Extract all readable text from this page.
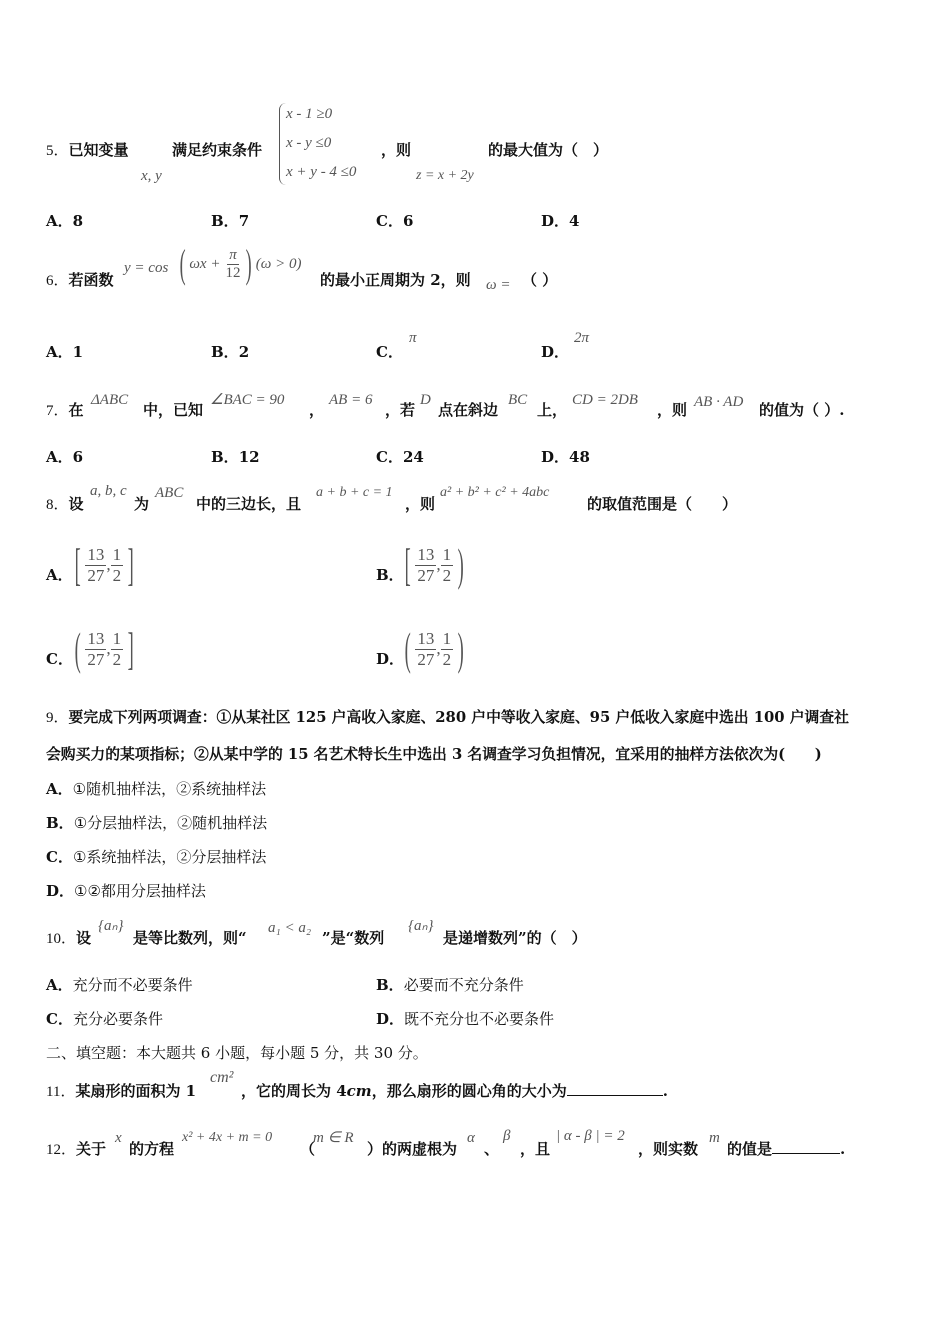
5．已知变量
x, y
满足约束条件
x - 1 ≥0
x - y ≤0
x + y - 4 ≤0
，则
z = x + 2y
的最大值为（　）
A．8	B．7	C．6	D．4
6．若函数
y = cos ( $\omega x + \frac{\pi}{12}$ ) (ω > 0)
的最小正周期为 2，则 ω = （ ）
A．1	B．2	C．
π
D．
2π
7．在
ΔABC
中，已知
∠BAC = 90
，
AB = 6
，若
D
点在斜边
BC
上，
CD = 2DB
，则 AB · AD 的值为（ ）.
A．6	B．12	C．24	D．48
8．设
a, b, c
为
ABC
中的三边长，且
a + b + c = 1
，则
a² + b² + c² + 4abc
的取值范围是（　　）
A． [ $\frac{13}{27}$ , $\frac{1}{2}$ ]	B． [ $\frac{13}{27}$ , $\frac{1}{2}$ )
C． ( $\frac{13}{27}$ , $\frac{1}{2}$ ]	D． ( $\frac{13}{27}$ , $\frac{1}{2}$ )
9．要完成下列两项调查：①从某社区 125 户高收入家庭、280 户中等收入家庭、95 户低收入家庭中选出 100 户调查社
会购买力的某项指标；②从某中学的 15 名艺术特长生中选出 3 名调查学习负担情况，宜采用的抽样方法依次为(　　)
A．①随机抽样法，②系统抽样法
B．①分层抽样法，②随机抽样法
C．①系统抽样法，②分层抽样法
D．①②都用分层抽样法
10．设
{aₙ}
是等比数列，则“
a₁ < a₂
”是“数列
{aₙ}
是递增数列”的（　）
A．充分而不必要条件	B．必要而不充分条件
C．充分必要条件	D．既不充分也不必要条件
二、填空题：本大题共 6 小题，每小题 5 分，共 30 分。
11．某扇形的面积为 1
cm²
，它的周长为 4cm，那么扇形的圆心角的大小为	.
12．关于
x
的方程
x² + 4x + m = 0
（
m ∈ R
）的两虚根为
α
、
β
，且
| α - β | = 2
，则实数
m
的值是	.
